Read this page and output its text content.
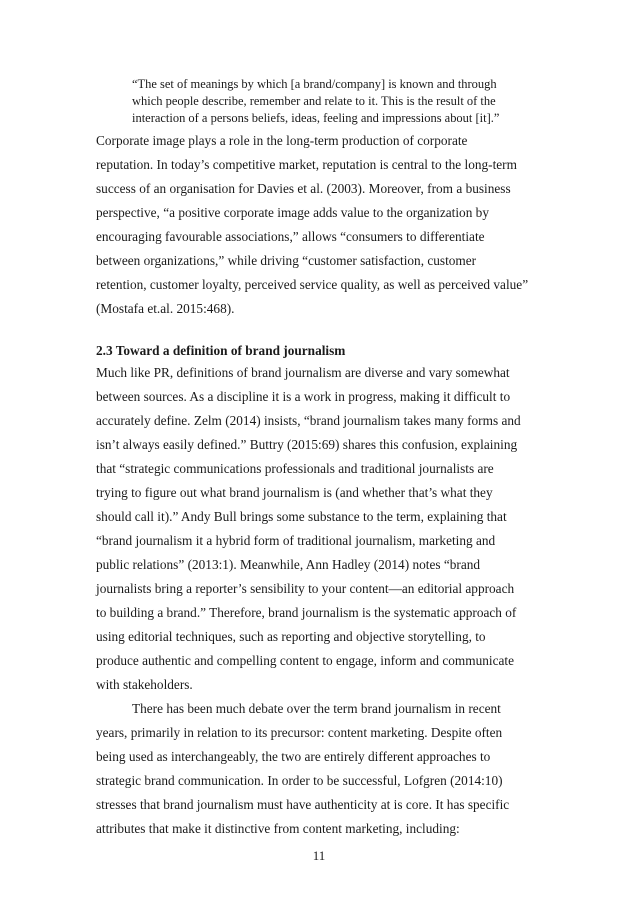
“The set of meanings by which [a brand/company] is known and through
which people describe, remember and relate to it. This is the result of the
interaction of a persons beliefs, ideas, feeling and impressions about [it].”
Corporate image plays a role in the long-term production of corporate
reputation. In today’s competitive market, reputation is central to the long-term
success of an organisation for Davies et al. (2003). Moreover, from a business
perspective, “a positive corporate image adds value to the organization by
encouraging favourable associations,” allows “consumers to differentiate
between organizations,” while driving “customer satisfaction, customer
retention, customer loyalty, perceived service quality, as well as perceived value”
(Mostafa et.al. 2015:468).
2.3 Toward a definition of brand journalism
Much like PR, definitions of brand journalism are diverse and vary somewhat
between sources. As a discipline it is a work in progress, making it difficult to
accurately define. Zelm (2014) insists, “brand journalism takes many forms and
isn’t always easily defined.” Buttry (2015:69) shares this confusion, explaining
that “strategic communications professionals and traditional journalists are
trying to figure out what brand journalism is (and whether that’s what they
should call it).” Andy Bull brings some substance to the term, explaining that
“brand journalism it a hybrid form of traditional journalism, marketing and
public relations” (2013:1). Meanwhile, Ann Hadley (2014) notes “brand
journalists bring a reporter’s sensibility to your content—an editorial approach
to building a brand.” Therefore, brand journalism is the systematic approach of
using editorial techniques, such as reporting and objective storytelling, to
produce authentic and compelling content to engage, inform and communicate
with stakeholders.
There has been much debate over the term brand journalism in recent
years, primarily in relation to its precursor: content marketing. Despite often
being used as interchangeably, the two are entirely different approaches to
strategic brand communication. In order to be successful, Lofgren (2014:10)
stresses that brand journalism must have authenticity at is core. It has specific
attributes that make it distinctive from content marketing, including:
11
